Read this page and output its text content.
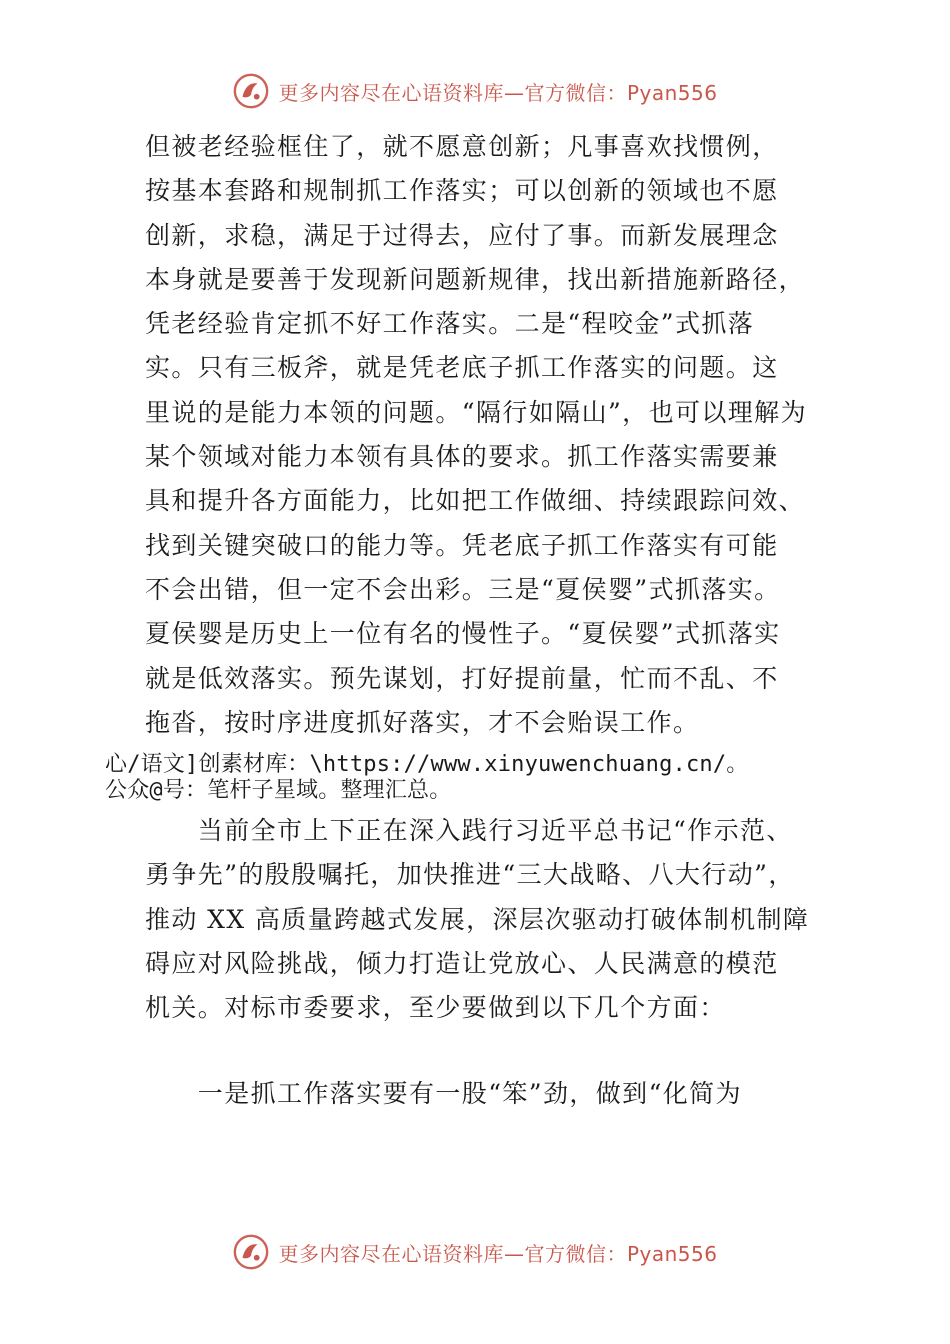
更多内容尽在心语资料库—官方微信：Pyan556
但被老经验框住了，就不愿意创新；凡事喜欢找惯例，
按基本套路和规制抓工作落实；可以创新的领域也不愿
创新，求稳，满足于过得去，应付了事。而新发展理念
本身就是要善于发现新问题新规律，找出新措施新路径，
凭老经验肯定抓不好工作落实。二是“程咬金”式抓落
实。只有三板斧，就是凭老底子抓工作落实的问题。这
里说的是能力本领的问题。“隔行如隔山”，也可以理解为
某个领域对能力本领有具体的要求。抓工作落实需要兼
具和提升各方面能力，比如把工作做细、持续跟踪问效、
找到关键突破口的能力等。凭老底子抓工作落实有可能
不会出错，但一定不会出彩。三是“夏侯婴”式抓落实。
夏侯婴是历史上一位有名的慢性子。“夏侯婴”式抓落实
就是低效落实。预先谋划，打好提前量，忙而不乱、不
拖沓，按时序进度抓好落实，才不会贻误工作。
心/语文]创素材库：\https://www.xinyuwenchuang.cn/。
公众@号：笔杆子星域。整理汇总。
　　当前全市上下正在深入践行习近平总书记“作示范、
勇争先”的殷殷嘱托，加快推进“三大战略、八大行动”，
推动 XX 高质量跨越式发展，深层次驱动打破体制机制障
碍应对风险挑战，倾力打造让党放心、人民满意的模范
机关。对标市委要求，至少要做到以下几个方面：
　　一是抓工作落实要有一股“笨”劲，做到“化简为
更多内容尽在心语资料库—官方微信：Pyan556
